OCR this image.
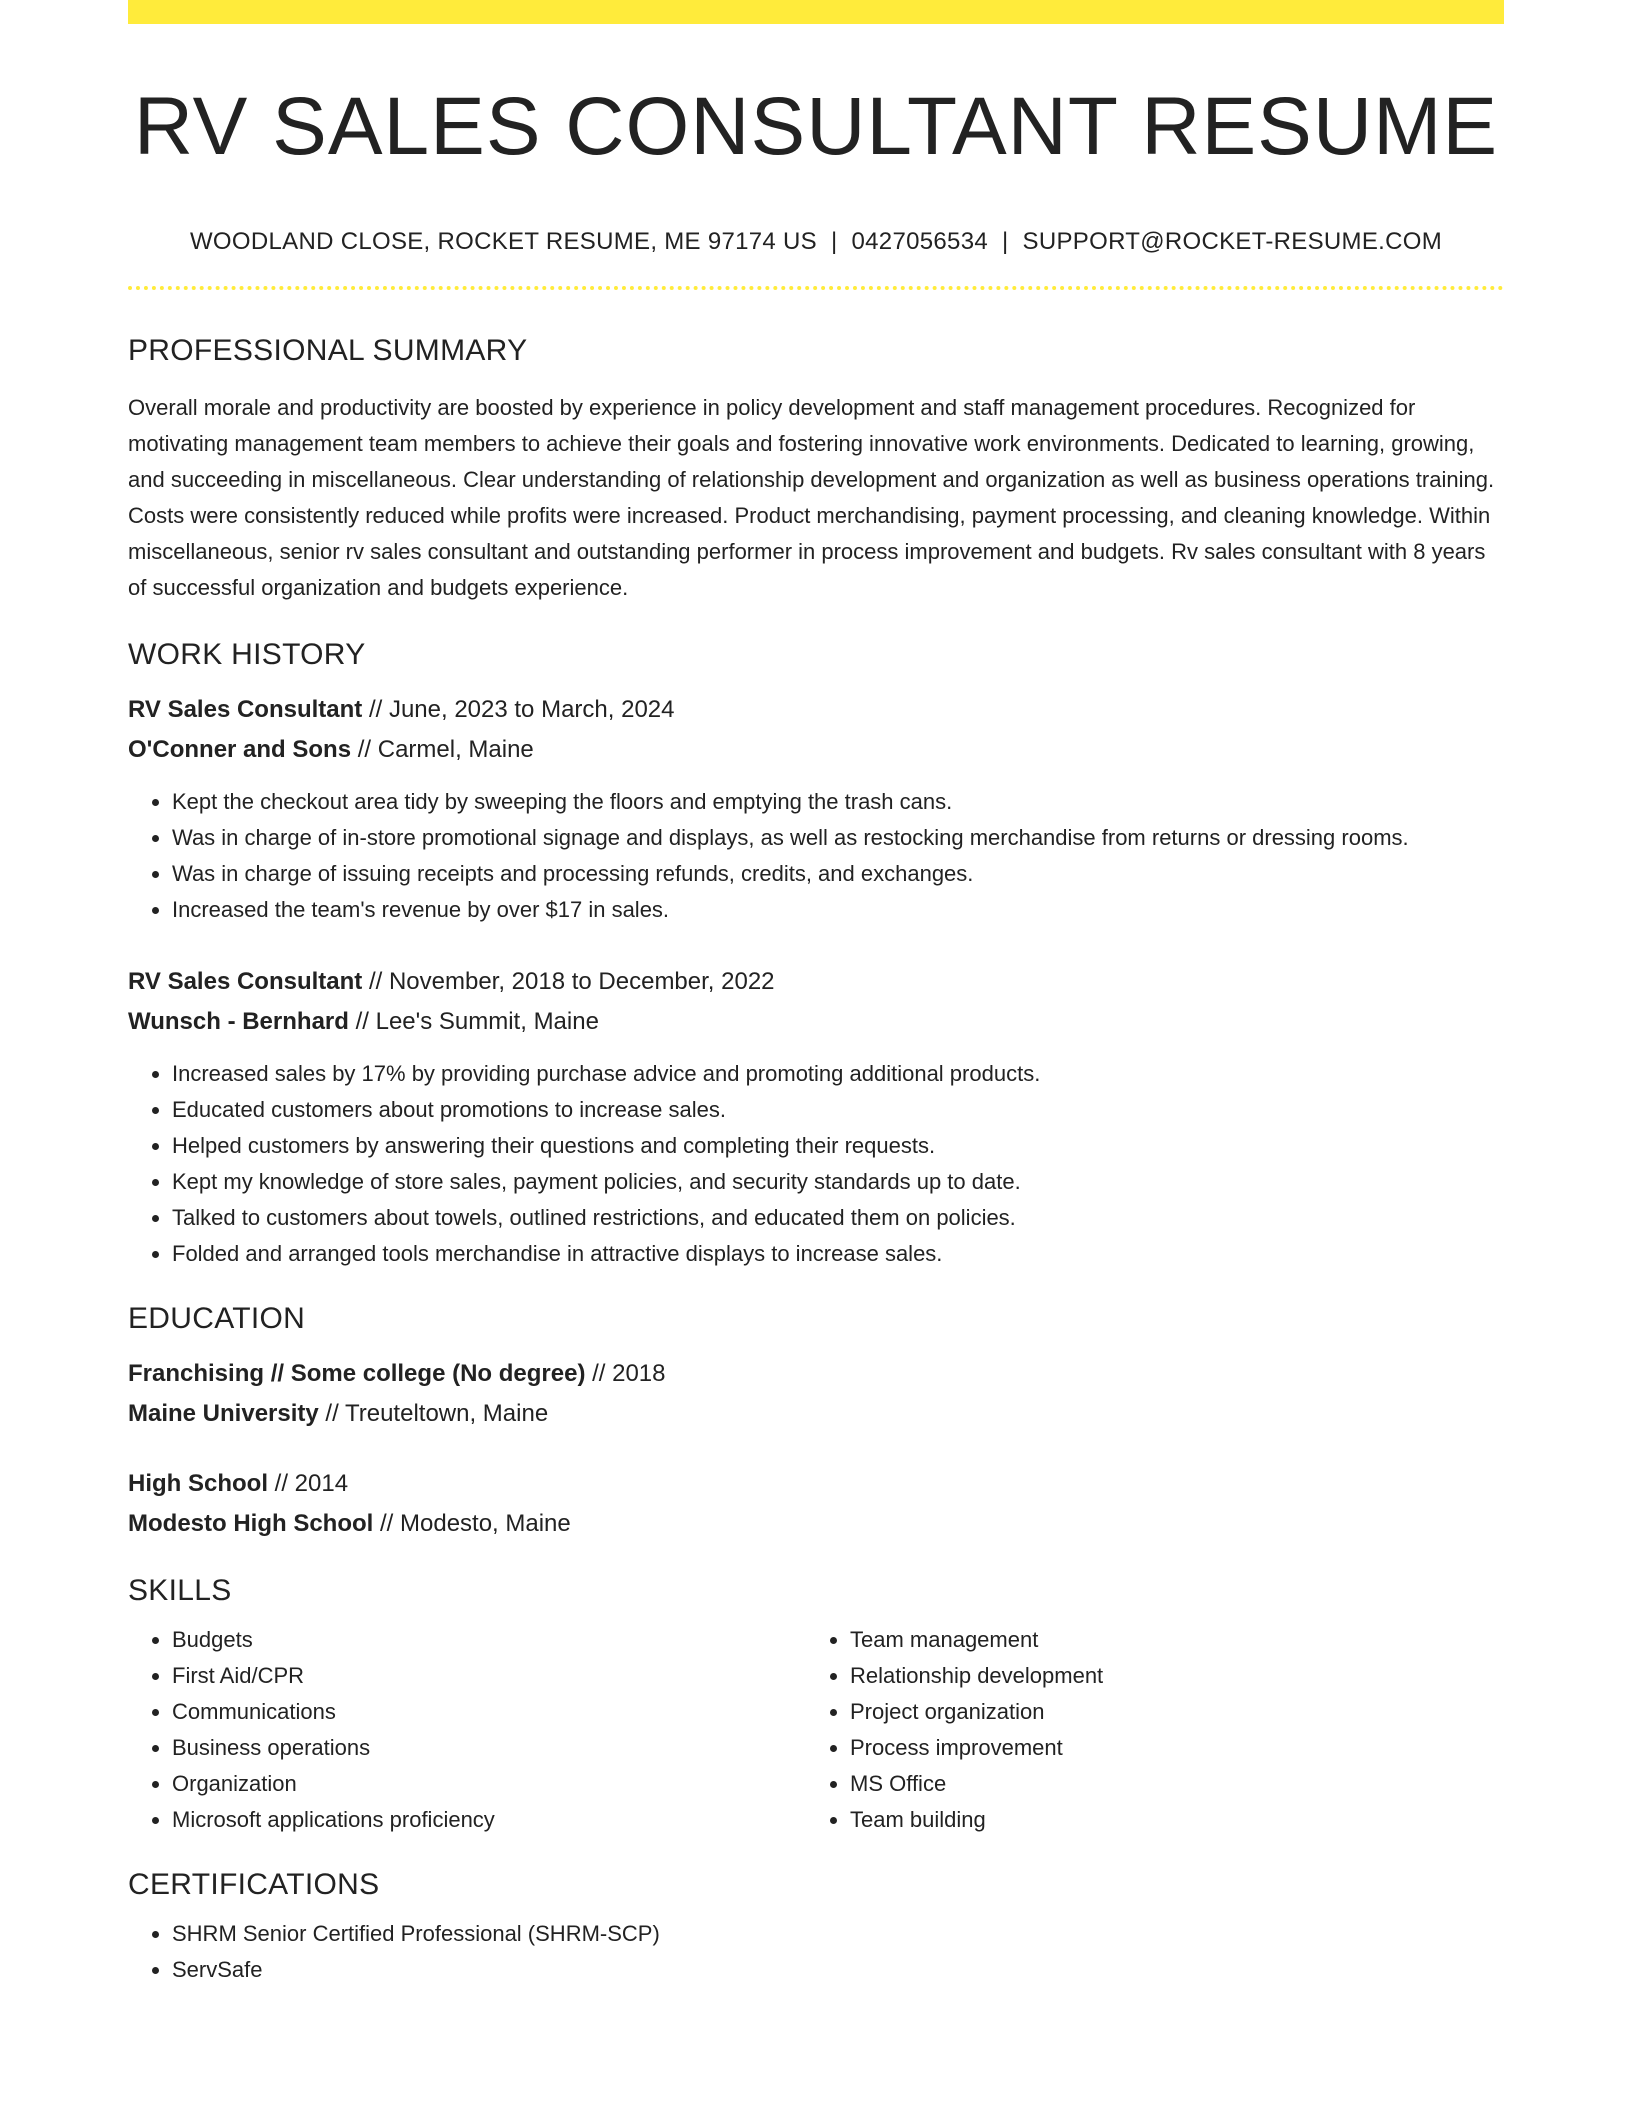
RV SALES CONSULTANT RESUME
WOODLAND CLOSE, ROCKET RESUME, ME 97174 US | 0427056534 | SUPPORT@ROCKET-RESUME.COM
PROFESSIONAL SUMMARY

Overall morale and productivity are boosted by experience in policy development and staff management procedures. Recognized for motivating management team members to achieve their goals and fostering innovative work environments. Dedicated to learning, growing, and succeeding in miscellaneous. Clear understanding of relationship development and organization as well as business operations training. Costs were consistently reduced while profits were increased. Product merchandising, payment processing, and cleaning knowledge. Within miscellaneous, senior rv sales consultant and outstanding performer in process improvement and budgets. Rv sales consultant with 8 years of successful organization and budgets experience.

WORK HISTORY
RV Sales Consultant // June, 2023 to March, 2024
O'Conner and Sons // Carmel, Maine
• Kept the checkout area tidy by sweeping the floors and emptying the trash cans.
• Was in charge of in-store promotional signage and displays, as well as restocking merchandise from returns or dressing rooms.
• Was in charge of issuing receipts and processing refunds, credits, and exchanges.
• Increased the team's revenue by over $17 in sales.
RV Sales Consultant // November, 2018 to December, 2022
Wunsch - Bernhard // Lee's Summit, Maine
• Increased sales by 17% by providing purchase advice and promoting additional products.
• Educated customers about promotions to increase sales.
• Helped customers by answering their questions and completing their requests.
• Kept my knowledge of store sales, payment policies, and security standards up to date.
• Talked to customers about towels, outlined restrictions, and educated them on policies.
• Folded and arranged tools merchandise in attractive displays to increase sales.
EDUCATION
Franchising // Some college (No degree) // 2018
Maine University // Treuteltown, Maine
High School // 2014
Modesto High School // Modesto, Maine
SKILLS
• Budgets
• First Aid/CPR
• Communications
• Business operations
• Organization
• Microsoft applications proficiency
• Team management
• Relationship development
• Project organization
• Process improvement
• MS Office
• Team building
CERTIFICATIONS
• SHRM Senior Certified Professional (SHRM-SCP)
• ServSafe
